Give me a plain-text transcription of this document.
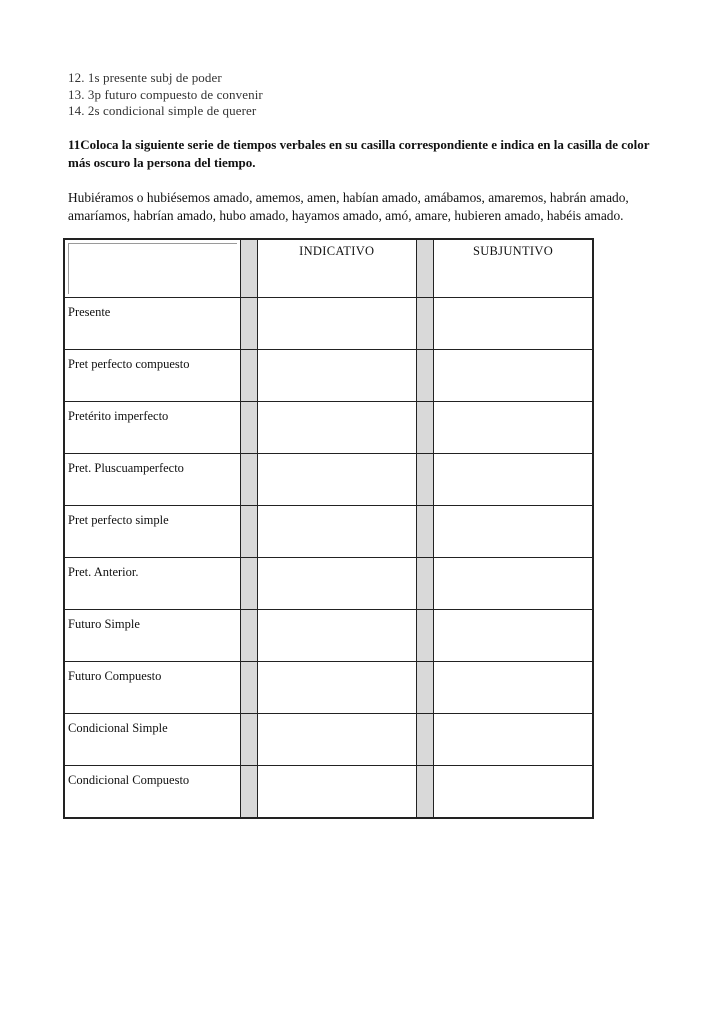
12. 1s presente subj de poder
13. 3p futuro compuesto de convenir
14. 2s condicional simple de querer
11Coloca la siguiente serie de tiempos verbales en su casilla correspondiente e indica en la casilla de color más oscuro la persona del tiempo.
Hubiéramos o hubiésemos amado, amemos, amen, habían amado, amábamos, amaremos, habrán amado, amaríamos, habrían amado, hubo amado, hayamos amado, amó, amare, hubieren amado, habéis amado.
		INDICATIVO		SUBJUNTIVO
Presente				
Pret perfecto compuesto				
Pretérito imperfecto				
Pret. Pluscuamperfecto				
Pret perfecto simple				
Pret. Anterior.				
Futuro Simple				
Futuro Compuesto				
Condicional Simple				
Condicional Compuesto				
